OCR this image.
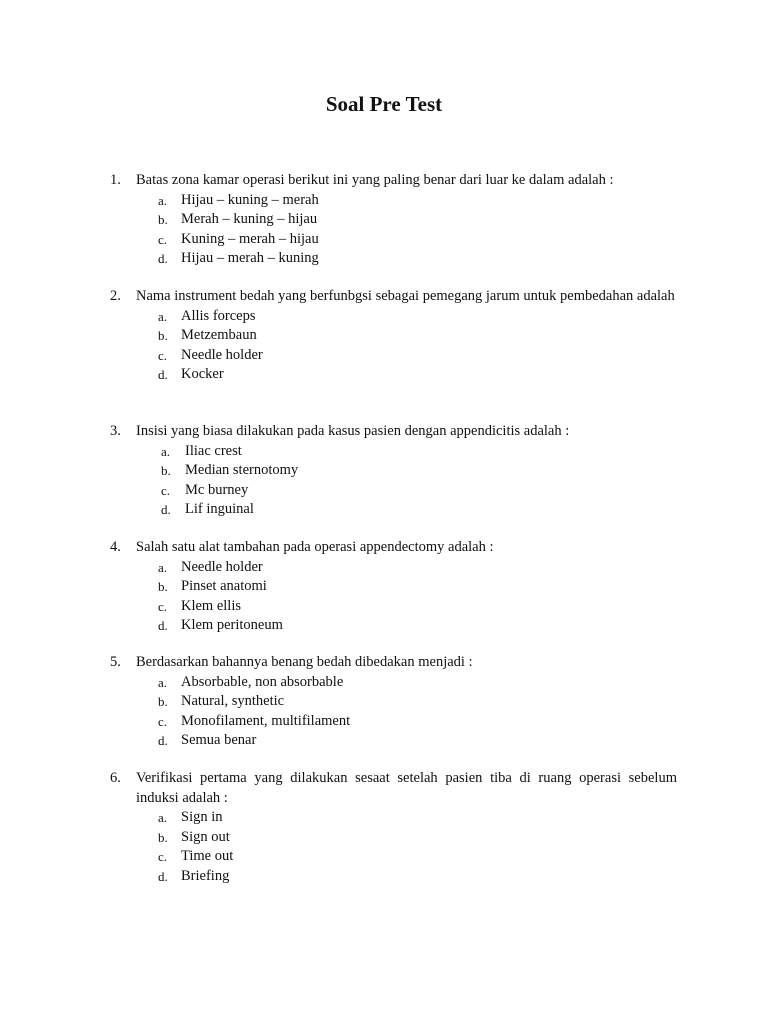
Soal Pre Test
1.	Batas zona kamar operasi berikut ini yang paling benar dari luar ke dalam adalah :
a. Hijau – kuning – merah
b. Merah – kuning – hijau
c. Kuning – merah – hijau
d. Hijau – merah – kuning
2.	Nama instrument bedah yang berfunbgsi sebagai pemegang jarum untuk pembedahan adalah
a. Allis forceps
b. Metzembaun
c. Needle holder
d. Kocker
3.	Insisi yang biasa dilakukan pada kasus pasien dengan appendicitis adalah :
a.	Iliac crest
b. Median sternotomy
c.	Mc burney
d. Lif inguinal
4.	Salah satu alat tambahan pada operasi appendectomy adalah :
a. Needle holder
b. Pinset anatomi
c. Klem ellis
d. Klem peritoneum
5.	Berdasarkan bahannya benang bedah dibedakan menjadi :
a. Absorbable, non absorbable
b. Natural, synthetic
c. Monofilament, multifilament
d. Semua benar
6.	Verifikasi pertama yang dilakukan sesaat setelah pasien tiba di ruang operasi sebelum induksi adalah :
a. Sign in
b. Sign out
c. Time out
d. Briefing
